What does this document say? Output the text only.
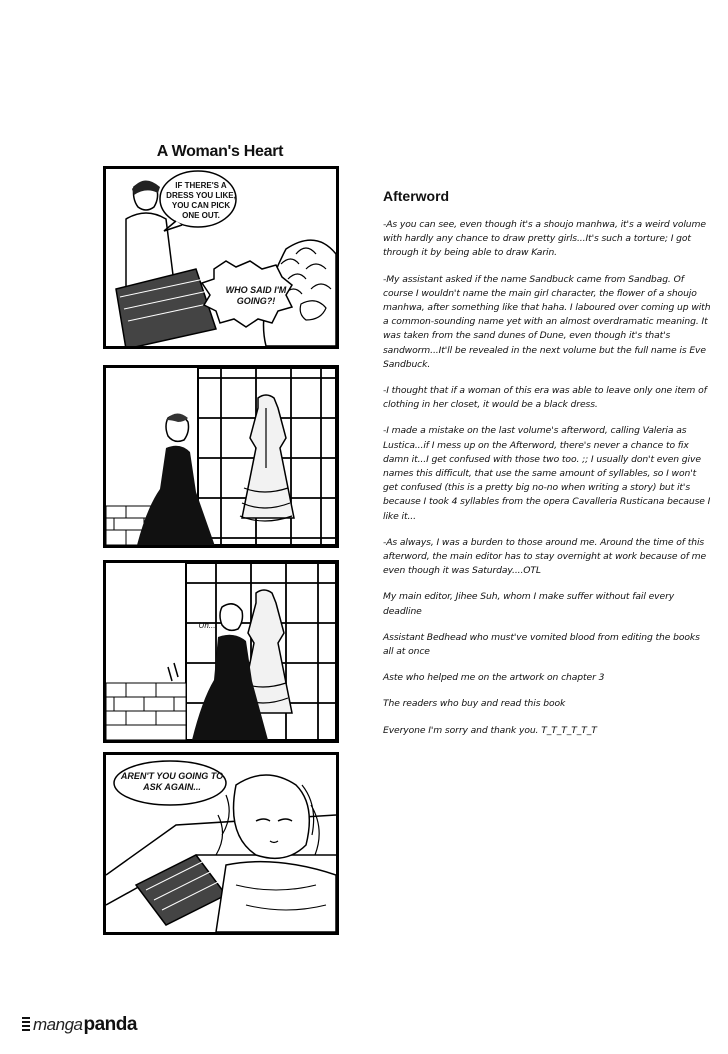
A Woman's Heart
IF THERE'S A DRESS YOU LIKE, YOU CAN PICK ONE OUT.
WHO SAID I'M GOING?!
Uh...
AREN'T YOU GOING TO ASK AGAIN...
Afterword

-As you can see, even though it's a shoujo manhwa, it's a weird volume with hardly any chance to draw pretty girls...It's such a torture; I got through it by being able to draw Karin.

-My assistant asked if the name Sandbuck came from Sandbag. Of course I wouldn't name the main girl character, the flower of a shoujo manhwa, after something like that haha. I laboured over coming up with a common-sounding name yet with an almost overdramatic meaning. It was taken from the sand dunes of Dune, even though it's that's sandworm...It'll be revealed in the next volume but the full name is Eve Sandbuck.

-I thought that if a woman of this era was able to leave only one item of clothing in her closet, it would be a black dress.

-I made a mistake on the last volume's afterword, calling Valeria as Lustica...if I mess up on the Afterword, there's never a chance to fix damn it...I get confused with those two too. ;; I usually don't even give names this difficult, that use the same amount of syllables, so I won't get confused (this is a pretty big no-no when writing a story) but it's because I took 4 syllables from the opera Cavalleria Rusticana because I like it...

-As always, I was a burden to those around me. Around the time of this afterword, the main editor has to stay overnight at work because of me even though it was Saturday....OTL

My main editor, Jihee Suh, whom I make suffer without fail every deadline

Assistant Bedhead who must've vomited blood from editing the books all at once

Aste who helped me on the artwork on chapter 3

The readers who buy and read this book

Everyone I'm sorry and thank you. T_T_T_T_T_T

manga panda
